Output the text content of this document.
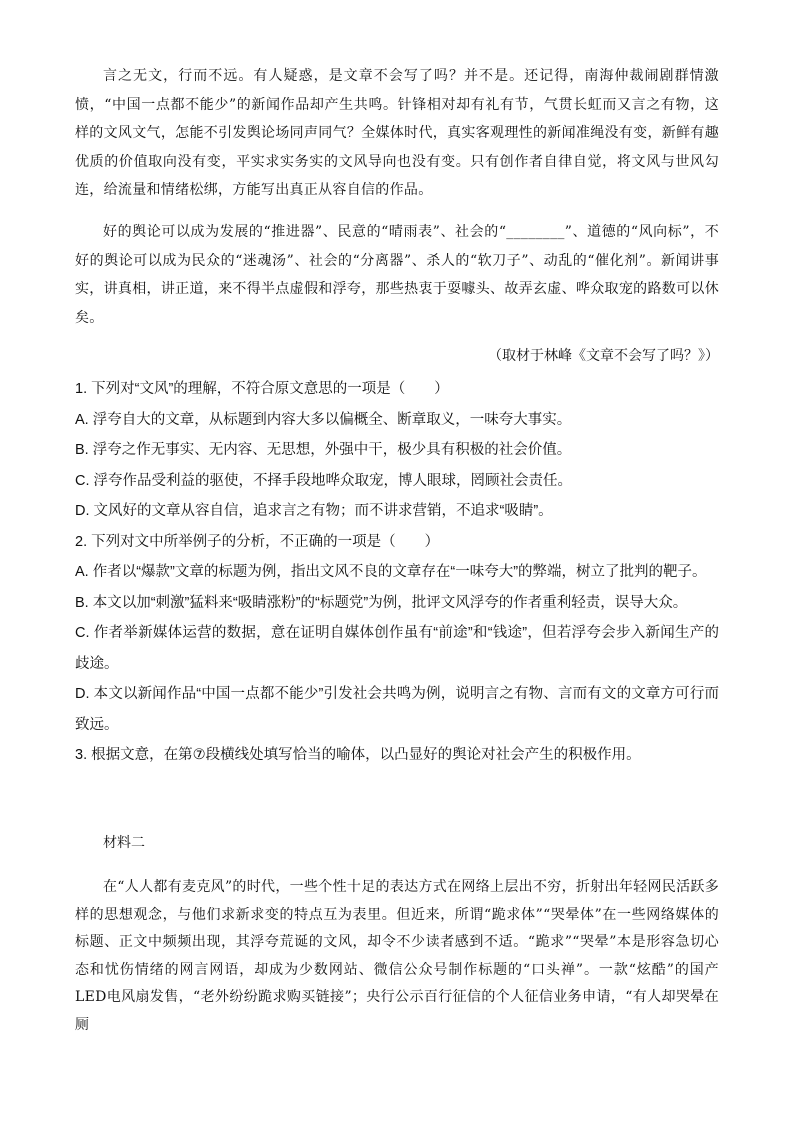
言之无文，行而不远。有人疑惑，是文章不会写了吗？并不是。还记得，南海仲裁闹剧群情激愤，“中国一点都不能少”的新闻作品却产生共鸣。针锋相对却有礼有节，气贯长虹而又言之有物，这样的文风文气，怎能不引发舆论场同声同气？全媒体时代，真实客观理性的新闻准绳没有变，新鲜有趣优质的价值取向没有变，平实求实务实的文风导向也没有变。只有创作者自律自觉，将文风与世风勾连，给流量和情绪松绑，方能写出真正从容自信的作品。

好的舆论可以成为发展的“推进器”、民意的“晴雨表”、社会的“________”、道德的“风向标”，不好的舆论可以成为民众的“迷魂汤”、社会的“分离器”、杀人的“软刀子”、动乱的“催化剂”。新闻讲事实，讲真相，讲正道，来不得半点虚假和浮夸，那些热衷于耍噱头、故弄玄虚、哗众取宠的路数可以休矣。

（取材于林峰《文章不会写了吗？》）

1. 下列对“文风”的理解，不符合原文意思的一项是（　　）

A. 浮夸自大的文章，从标题到内容大多以偏概全、断章取义，一味夸大事实。

B. 浮夸之作无事实、无内容、无思想，外强中干，极少具有积极的社会价值。

C. 浮夸作品受利益的驱使，不择手段地哗众取宠，博人眼球，罔顾社会责任。

D. 文风好的文章从容自信，追求言之有物；而不讲求营销，不追求“吸睛”。

2. 下列对文中所举例子的分析，不正确的一项是（　　）

A. 作者以“爆款”文章的标题为例，指出文风不良的文章存在“一味夸大”的弊端，树立了批判的靶子。

B. 本文以加“刺激”猛料来“吸睛涨粉”的“标题党”为例，批评文风浮夸的作者重利轻责，误导大众。

C. 作者举新媒体运营的数据，意在证明自媒体创作虽有“前途”和“钱途”，但若浮夸会步入新闻生产的歧途。

D. 本文以新闻作品“中国一点都不能少”引发社会共鸣为例，说明言之有物、言而有文的文章方可行而致远。

3. 根据文意，在第⑦段横线处填写恰当的喻体，以凸显好的舆论对社会产生的积极作用。

材料二

在“人人都有麦克风”的时代，一些个性十足的表达方式在网络上层出不穷，折射出年轻网民活跃多样的思想观念，与他们求新求变的特点互为表里。但近来，所谓“跪求体”“哭晕体”在一些网络媒体的标题、正文中频频出现，其浮夸荒诞的文风，却令不少读者感到不适。“跪求”“哭晕”本是形容急切心态和忧伤情绪的网言网语，却成为少数网站、微信公众号制作标题的“口头禅”。一款“炫酷”的国产LED电风扇发售，“老外纷纷跪求购买链接”；央行公示百行征信的个人征信业务申请，“有人却哭晕在厕
